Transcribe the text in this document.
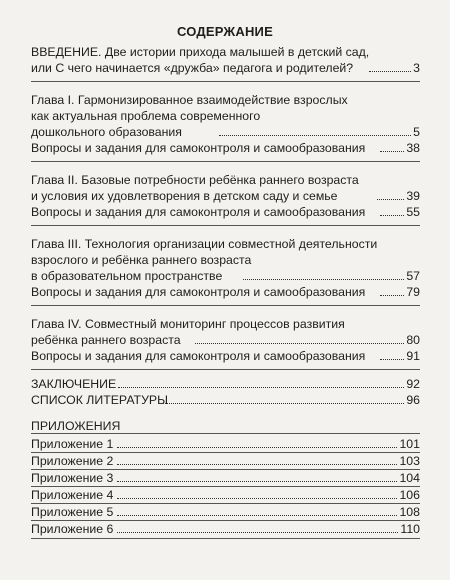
СОДЕРЖАНИЕ
ВВЕДЕНИЕ. Две истории прихода малышей в детский сад,
или С чего начинается «дружба» педагога и родителей?	3
Глава I. Гармонизированное взаимодействие взрослых
как актуальная проблема современного
дошкольного образования	5
Вопросы и задания для самоконтроля и самообразования	38
Глава II. Базовые потребности ребёнка раннего возраста
и условия их удовлетворения в детском саду и семье	39
Вопросы и задания для самоконтроля и самообразования	55
Глава III. Технология организации совместной деятельности
взрослого и ребёнка раннего возраста
в образовательном пространстве	57
Вопросы и задания для самоконтроля и самообразования	79
Глава IV. Совместный мониторинг процессов развития
ребёнка раннего возраста	80
Вопросы и задания для самоконтроля и самообразования	91
ЗАКЛЮЧЕНИЕ	92
СПИСОК ЛИТЕРАТУРЫ	96
ПРИЛОЖЕНИЯ
Приложение 1	101
Приложение 2	103
Приложение 3	104
Приложение 4	106
Приложение 5	108
Приложение 6	110
